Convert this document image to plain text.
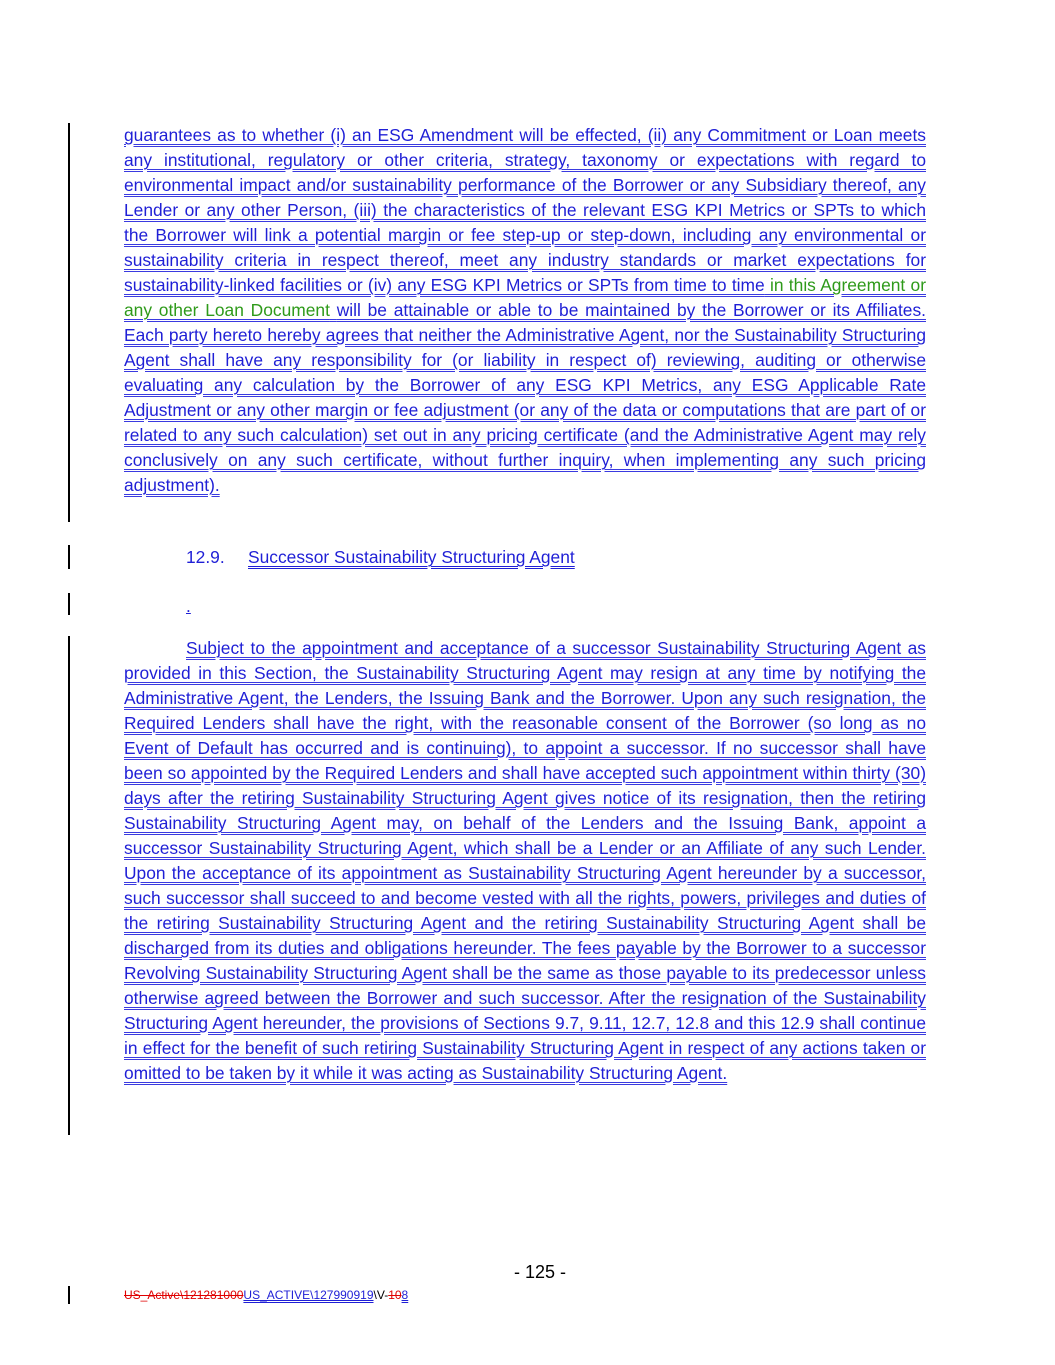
guarantees as to whether (i) an ESG Amendment will be effected, (ii) any Commitment or Loan meets any institutional, regulatory or other criteria, strategy, taxonomy or expectations with regard to environmental impact and/or sustainability performance of the Borrower or any Subsidiary thereof, any Lender or any other Person, (iii) the characteristics of the relevant ESG KPI Metrics or SPTs to which the Borrower will link a potential margin or fee step-up or step-down, including any environmental or sustainability criteria in respect thereof, meet any industry standards or market expectations for sustainability-linked facilities or (iv) any ESG KPI Metrics or SPTs from time to time in this Agreement or any other Loan Document will be attainable or able to be maintained by the Borrower or its Affiliates. Each party hereto hereby agrees that neither the Administrative Agent, nor the Sustainability Structuring Agent shall have any responsibility for (or liability in respect of) reviewing, auditing or otherwise evaluating any calculation by the Borrower of any ESG KPI Metrics, any ESG Applicable Rate Adjustment or any other margin or fee adjustment (or any of the data or computations that are part of or related to any such calculation) set out in any pricing certificate (and the Administrative Agent may rely conclusively on any such certificate, without further inquiry, when implementing any such pricing adjustment).

12.9. Successor Sustainability Structuring Agent
.

Subject to the appointment and acceptance of a successor Sustainability Structuring Agent as provided in this Section, the Sustainability Structuring Agent may resign at any time by notifying the Administrative Agent, the Lenders, the Issuing Bank and the Borrower. Upon any such resignation, the Required Lenders shall have the right, with the reasonable consent of the Borrower (so long as no Event of Default has occurred and is continuing), to appoint a successor. If no successor shall have been so appointed by the Required Lenders and shall have accepted such appointment within thirty (30) days after the retiring Sustainability Structuring Agent gives notice of its resignation, then the retiring Sustainability Structuring Agent may, on behalf of the Lenders and the Issuing Bank, appoint a successor Sustainability Structuring Agent, which shall be a Lender or an Affiliate of any such Lender. Upon the acceptance of its appointment as Sustainability Structuring Agent hereunder by a successor, such successor shall succeed to and become vested with all the rights, powers, privileges and duties of the retiring Sustainability Structuring Agent and the retiring Sustainability Structuring Agent shall be discharged from its duties and obligations hereunder. The fees payable by the Borrower to a successor Revolving Sustainability Structuring Agent shall be the same as those payable to its predecessor unless otherwise agreed between the Borrower and such successor. After the resignation of the Sustainability Structuring Agent hereunder, the provisions of Sections 9.7, 9.11, 12.7, 12.8 and this 12.9 shall continue in effect for the benefit of such retiring Sustainability Structuring Agent in respect of any actions taken or omitted to be taken by it while it was acting as Sustainability Structuring Agent.

- 125 -
US_Active\121281000US_ACTIVE\127990919\V-108
